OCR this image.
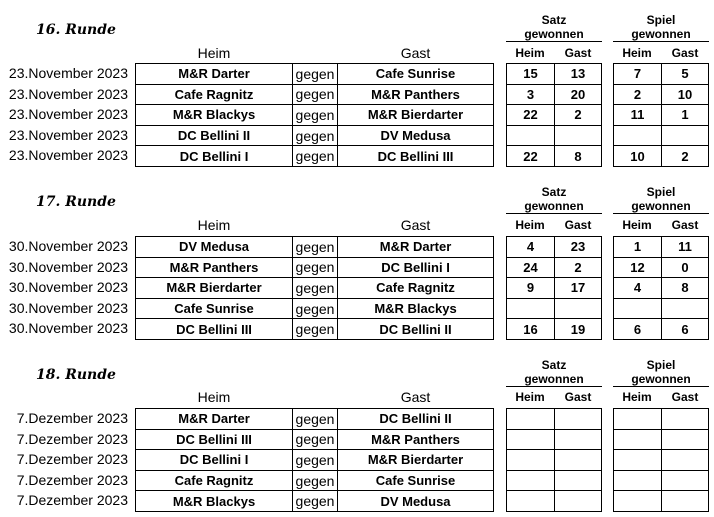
16. Runde
Satz
gewonnen
Spiel
gewonnen
Heim	Gast	Heim	Gast
Heim	Gast
23.November 2023	M&R Darter	gegen	Cafe Sunrise	15	13	7	5
23.November 2023	Cafe Ragnitz	gegen	M&R Panthers	3	20	2	10
23.November 2023	M&R Blackys	gegen	M&R Bierdarter	22	2	11	1
23.November 2023	DC Bellini II	gegen	DV Medusa
23.November 2023	DC Bellini I	gegen	DC Bellini III	22	8	10	2
17. Runde
Satz
gewonnen
Spiel
gewonnen
Heim	Gast	Heim	Gast
Heim	Gast
30.November 2023	DV Medusa	gegen	M&R Darter	4	23	1	11
30.November 2023	M&R Panthers	gegen	DC Bellini I	24	2	12	0
30.November 2023	M&R Bierdarter	gegen	Cafe Ragnitz	9	17	4	8
30.November 2023	Cafe Sunrise	gegen	M&R Blackys
30.November 2023	DC Bellini III	gegen	DC Bellini II	16	19	6	6
18. Runde
Satz
gewonnen
Spiel
gewonnen
Heim	Gast	Heim	Gast
Heim	Gast
7.Dezember 2023	M&R Darter	gegen	DC Bellini II
7.Dezember 2023	DC Bellini III	gegen	M&R Panthers
7.Dezember 2023	DC Bellini I	gegen	M&R Bierdarter
7.Dezember 2023	Cafe Ragnitz	gegen	Cafe Sunrise
7.Dezember 2023	M&R Blackys	gegen	DV Medusa
